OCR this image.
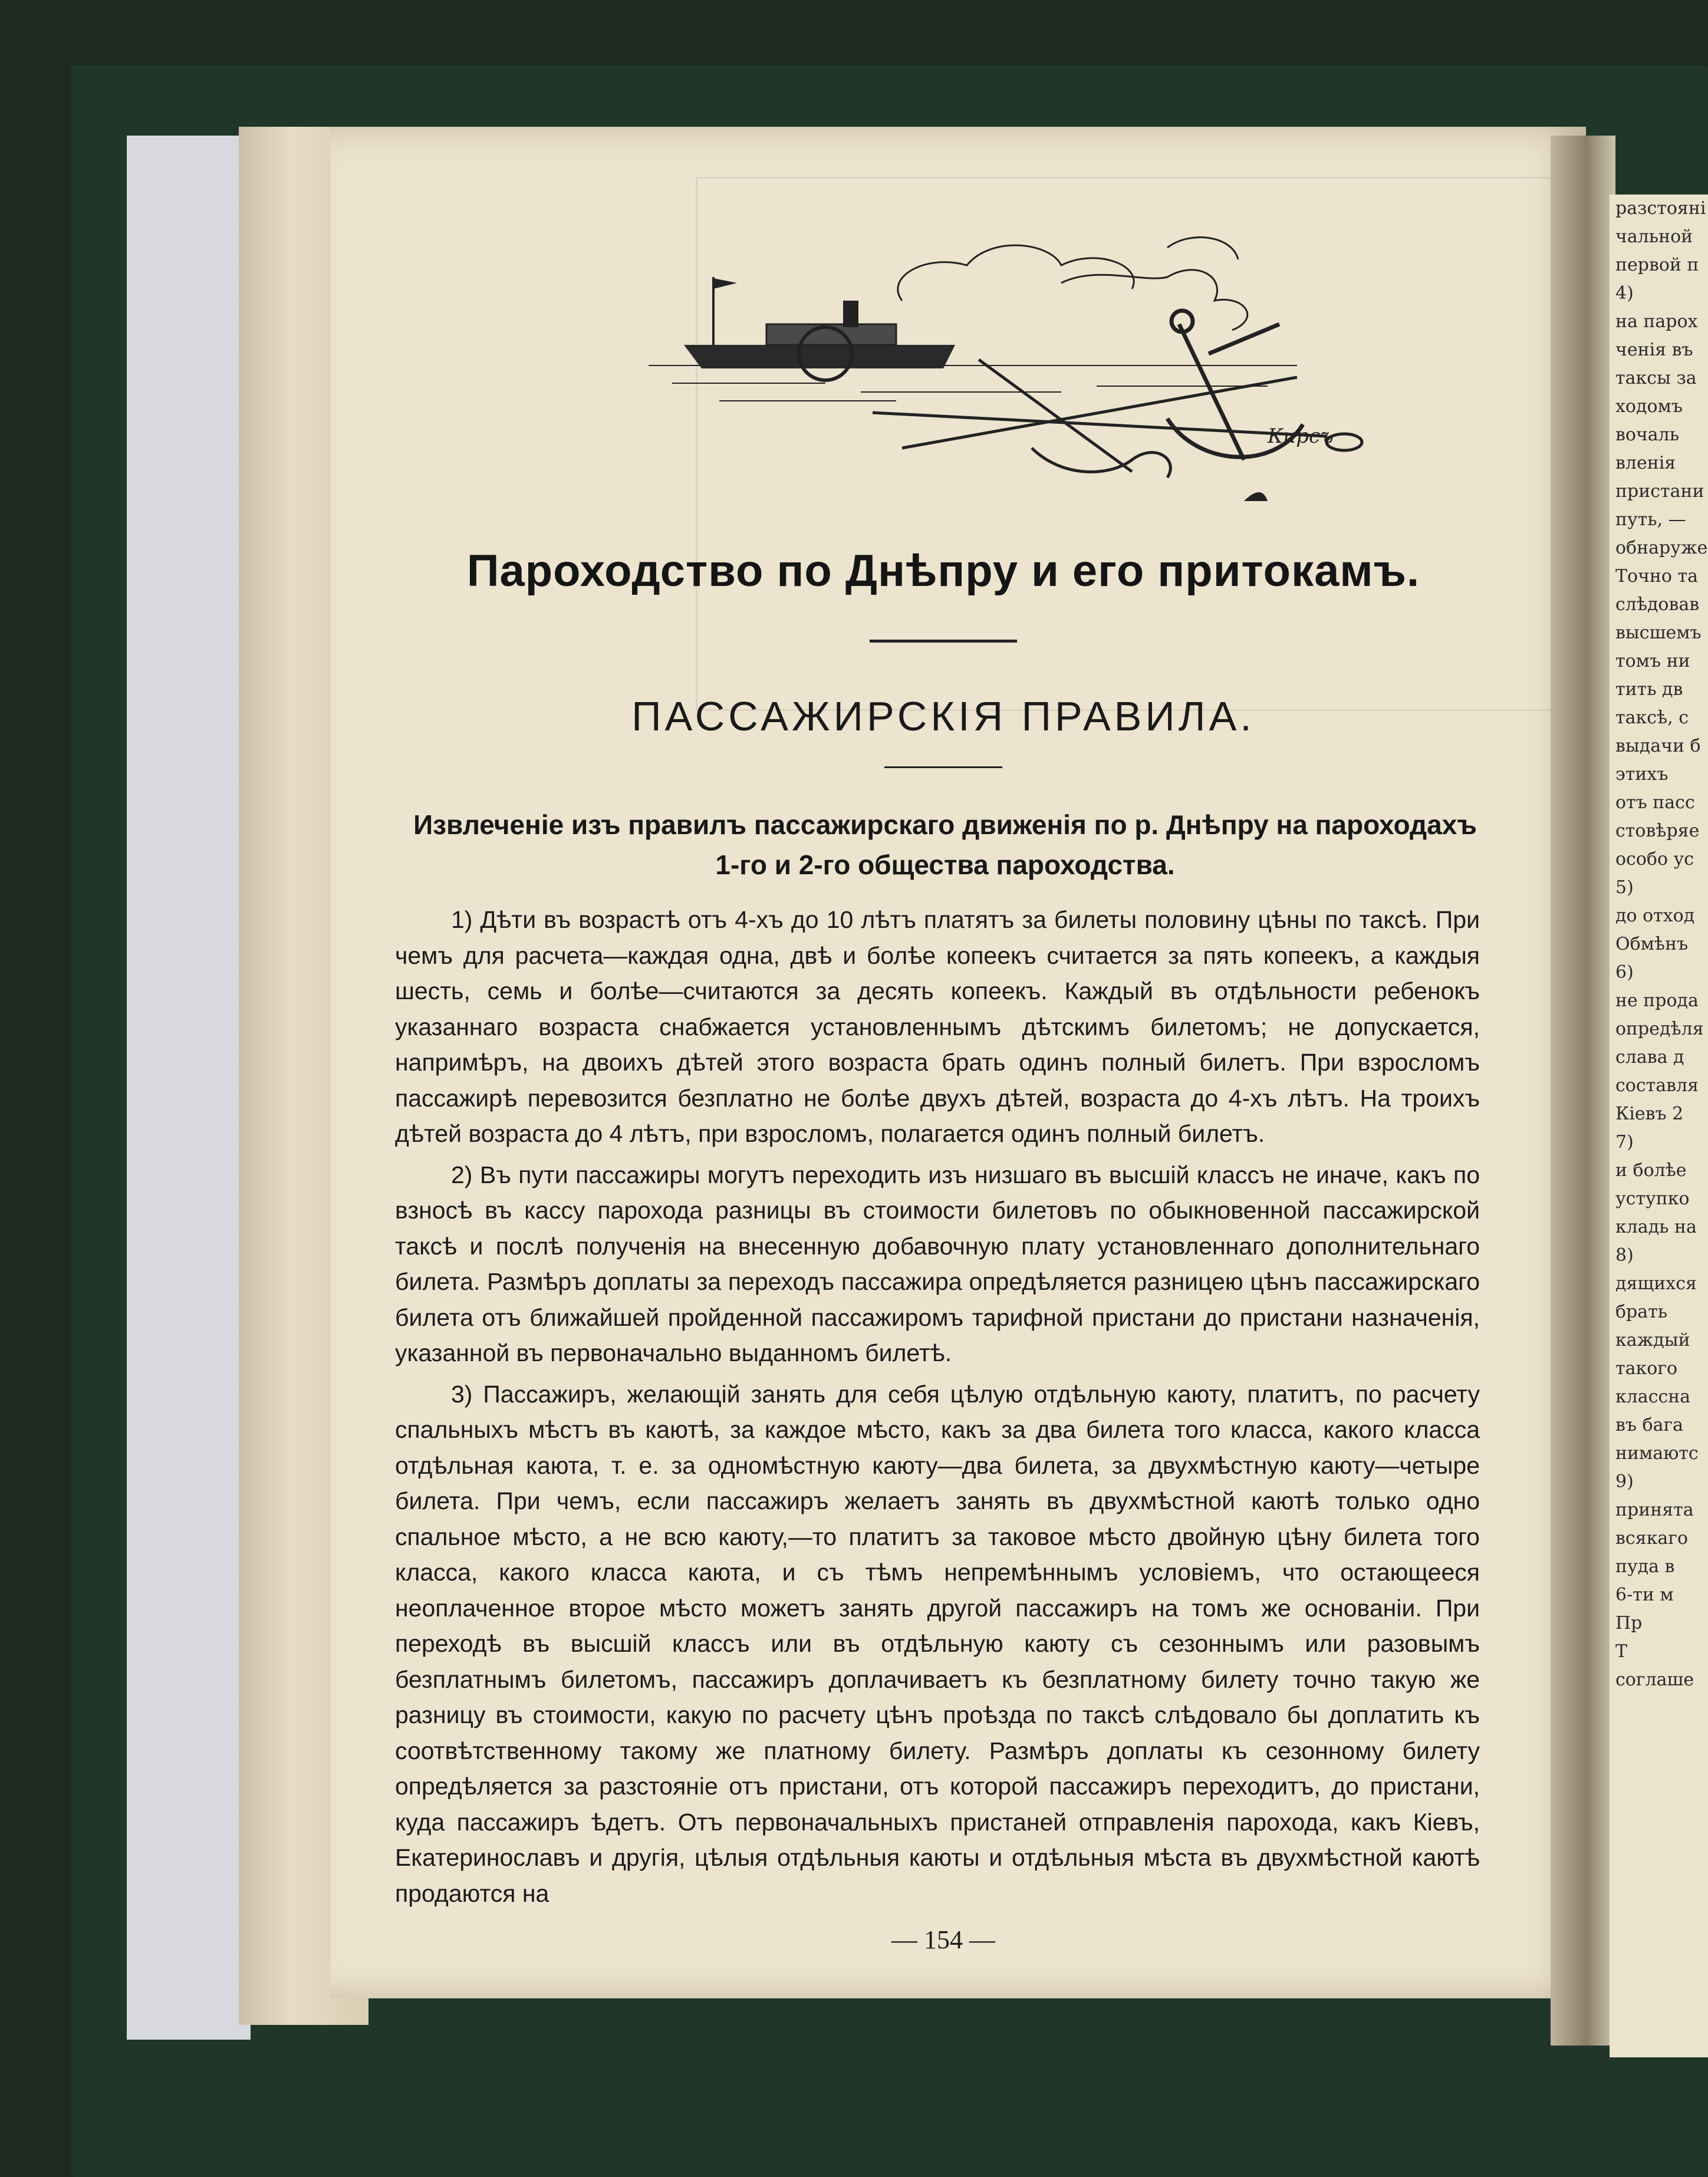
разстояні
чальной
первой п
4)
на парох
ченія въ
таксы за
ходомъ
вочаль
вленія
пристани
путь, —
обнаруже
Точно та
слѣдовав
высшемъ
томъ ни
тить дв
таксѣ, с
выдачи б
этихъ
отъ пасс
стовѣряе
особо ус
5)
до отход
Обмѣнъ
6)
не прода
опредѣля
слава д
составля
Кіевъ 2
7)
и болѣе
уступко
кладь на
8)
дящихся
брать
каждый
такого
классна
въ бага
нимаютс
9)
принята
всякаго
пуда в
6-ти м
Пр
Т
соглаше
Кирсъ
Пароходство по Днѣпру и его притокамъ.
ПАССАЖИРСКIЯ ПРАВИЛА.
Извлеченіе изъ правилъ пассажирскаго движенія по р. Днѣпру на пароходахъ 1-го и 2-го общества пароходства.

1) Дѣти въ возрастѣ отъ 4-хъ до 10 лѣтъ платятъ за билеты половину цѣны по таксѣ. При чемъ для расчета—каждая одна, двѣ и болѣе копеекъ считается за пять копеекъ, а каждыя шесть, семь и болѣе—считаются за десять копеекъ. Каждый въ отдѣльности ребенокъ указаннаго возраста снабжается установленнымъ дѣтскимъ билетомъ; не допускается, напримѣръ, на двоихъ дѣтей этого возраста брать одинъ полный билетъ. При взросломъ пассажирѣ перевозится безплатно не болѣе двухъ дѣтей, возраста до 4-хъ лѣтъ. На троихъ дѣтей возраста до 4 лѣтъ, при взросломъ, полагается одинъ полный билетъ.

2) Въ пути пассажиры могутъ переходить изъ низшаго въ высшій классъ не иначе, какъ по взносѣ въ кассу парохода разницы въ стоимости билетовъ по обыкновенной пассажирской таксѣ и послѣ полученія на внесенную добавочную плату установленнаго дополнительнаго билета. Размѣръ доплаты за переходъ пассажира опредѣляется разницею цѣнъ пассажирскаго билета отъ ближайшей пройденной пассажиромъ тарифной пристани до пристани назначенія, указанной въ первоначально выданномъ билетѣ.

3) Пассажиръ, желающій занять для себя цѣлую отдѣльную каюту, платитъ, по расчету спальныхъ мѣстъ въ каютѣ, за каждое мѣсто, какъ за два билета того класса, какого класса отдѣльная каюта, т. е. за одномѣстную каюту—два билета, за двухмѣстную каюту—четыре билета. При чемъ, если пассажиръ желаетъ занять въ двухмѣстной каютѣ только одно спальное мѣсто, а не всю каюту,—то платитъ за таковое мѣсто двойную цѣну билета того класса, какого класса каюта, и съ тѣмъ непремѣннымъ условіемъ, что остающееся неоплаченное второе мѣсто можетъ занять другой пассажиръ на томъ же основаніи. При переходѣ въ высшій классъ или въ отдѣльную каюту съ сезоннымъ или разовымъ безплатнымъ билетомъ, пассажиръ доплачиваетъ къ безплатному билету точно такую же разницу въ стоимости, какую по расчету цѣнъ проѣзда по таксѣ слѣдовало бы доплатить къ соотвѣтственному такому же платному билету. Размѣръ доплаты къ сезонному билету опредѣляется за разстояніе отъ пристани, отъ которой пассажиръ переходитъ, до пристани, куда пассажиръ ѣдетъ. Отъ первоначальныхъ пристаней отправленія парохода, какъ Кіевъ, Екатеринославъ и другія, цѣлыя отдѣльныя каюты и отдѣльныя мѣста въ двухмѣстной каютѣ продаются на

— 154 —
